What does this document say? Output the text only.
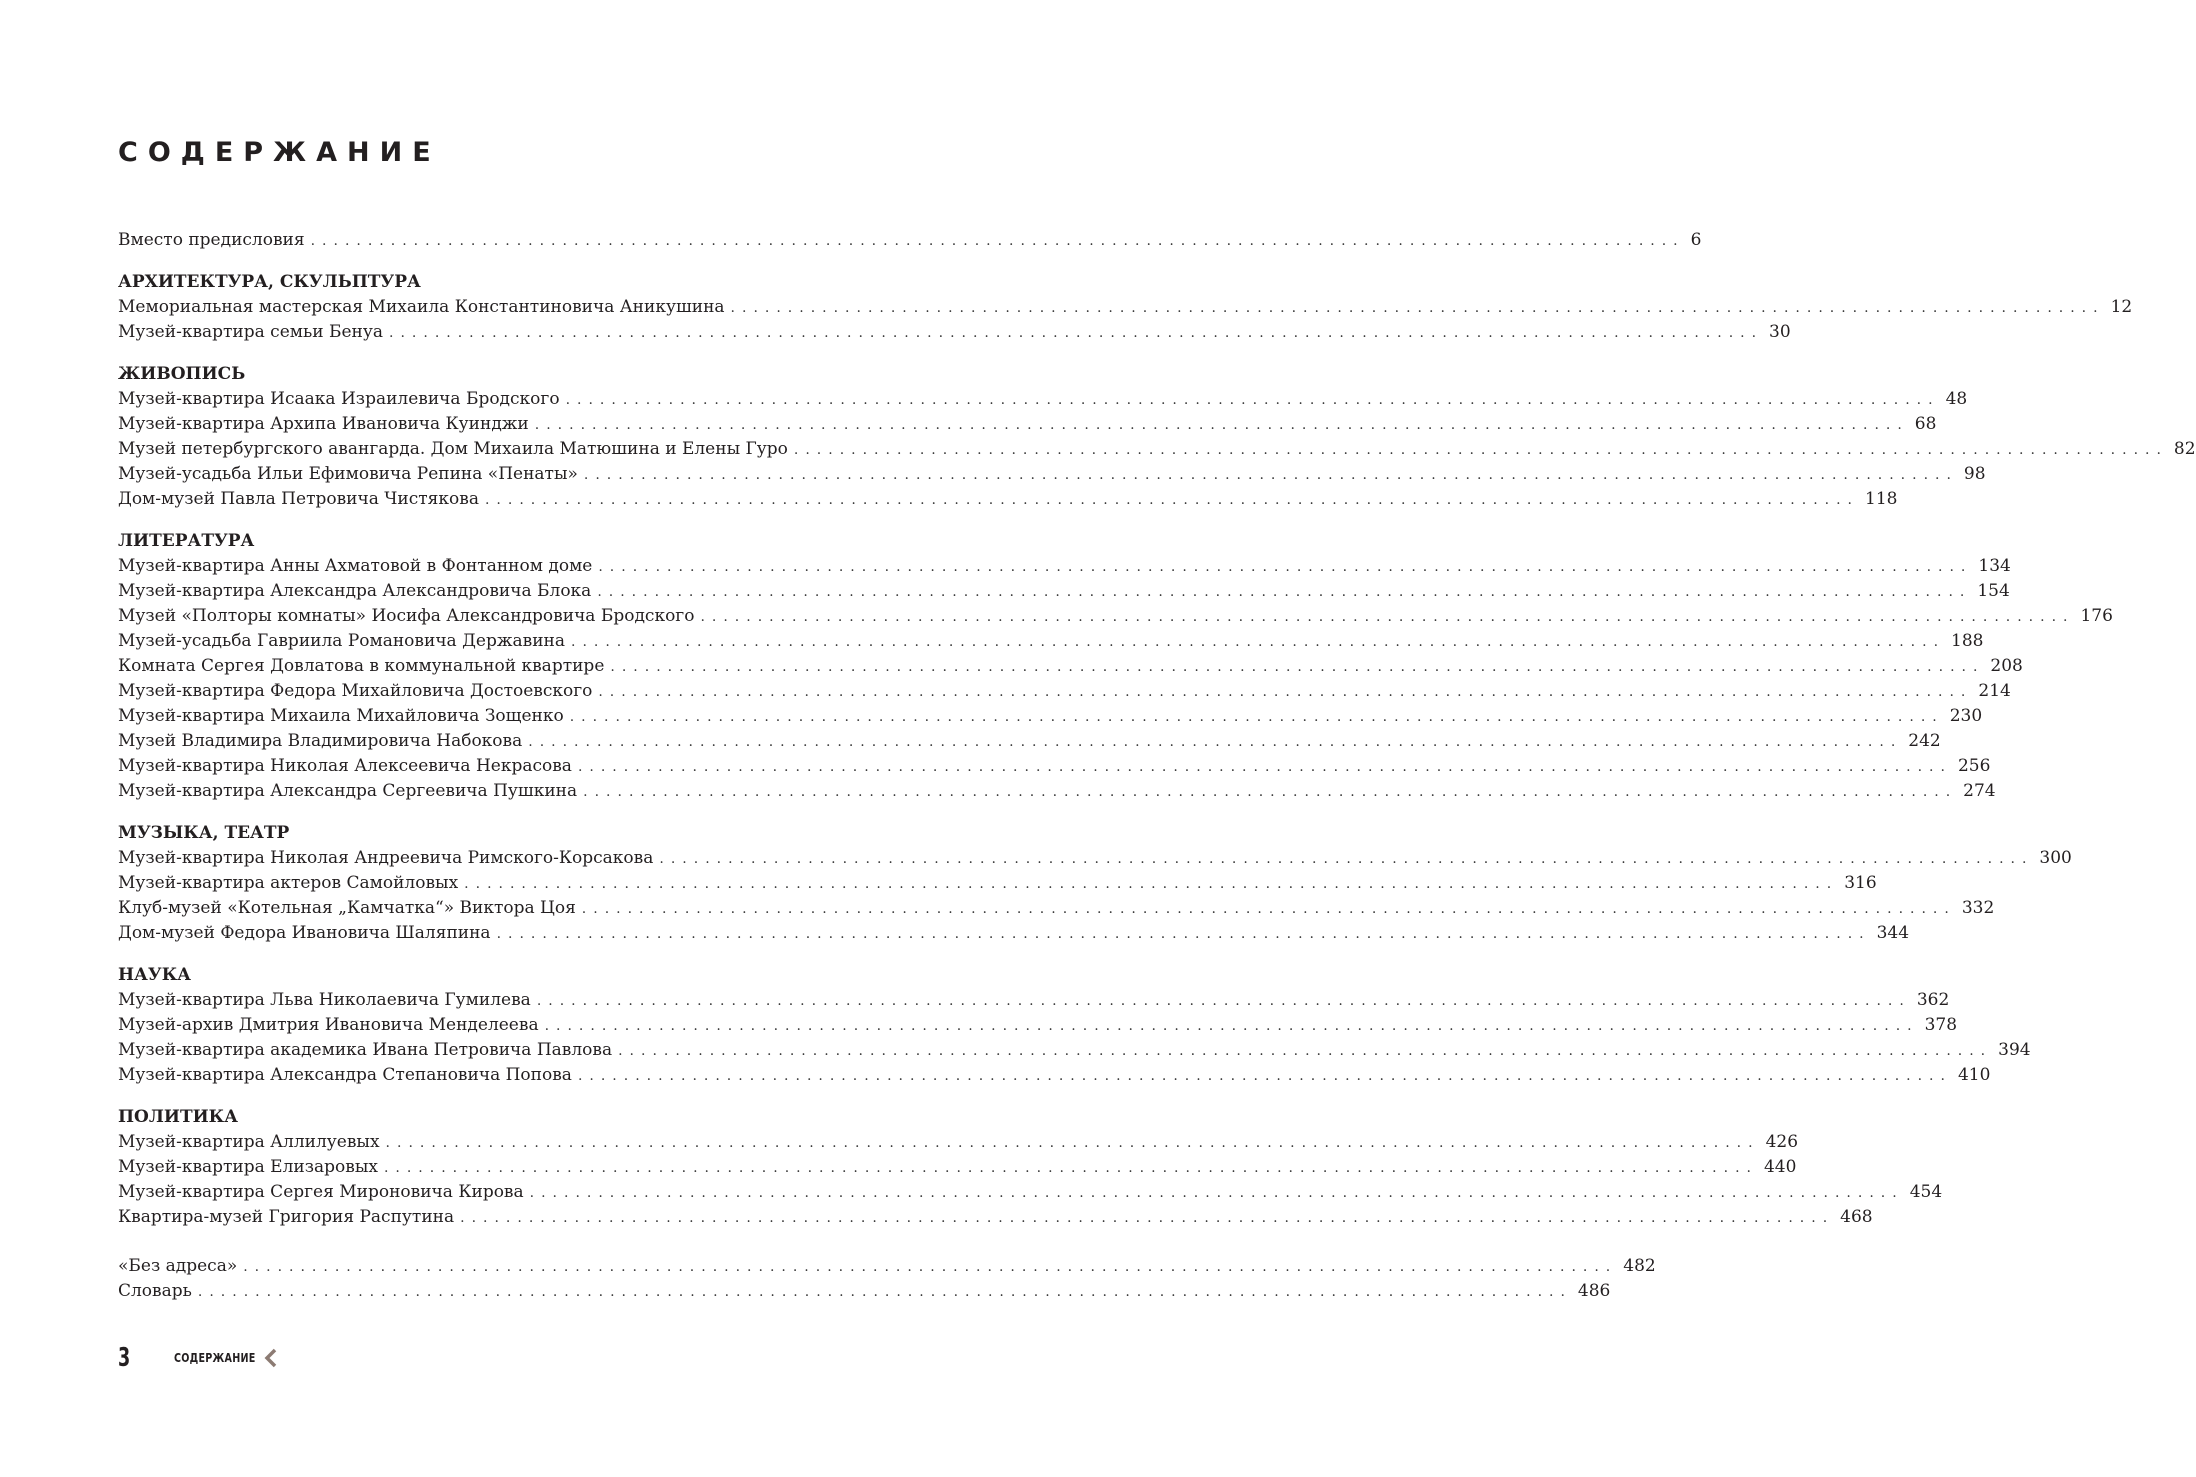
СОДЕРЖАНИЕ
Вместо предисловия ........................................................................................................................ 6
АРХИТЕКТУРА, СКУЛЬПТУРА
Мемориальная мастерская Михаила Константиновича Аникушина ........................................................................................................................ 12
Музей-квартира семьи Бенуа ........................................................................................................................ 30
ЖИВОПИСЬ
Музей-квартира Исаака Израилевича Бродского ........................................................................................................................ 48
Музей-квартира Архипа Ивановича Куинджи ........................................................................................................................ 68
Музей петербургского авангарда. Дом Михаила Матюшина и Елены Гуро ........................................................................................................................ 82
Музей-усадьба Ильи Ефимовича Репина «Пенаты» ........................................................................................................................ 98
Дом-музей Павла Петровича Чистякова ........................................................................................................................ 118
ЛИТЕРАТУРА
Музей-квартира Анны Ахматовой в Фонтанном доме ........................................................................................................................ 134
Музей-квартира Александра Александровича Блока ........................................................................................................................ 154
Музей «Полторы комнаты» Иосифа Александровича Бродского ........................................................................................................................ 176
Музей-усадьба Гавриила Романовича Державина ........................................................................................................................ 188
Комната Сергея Довлатова в коммунальной квартире ........................................................................................................................ 208
Музей-квартира Федора Михайловича Достоевского ........................................................................................................................ 214
Музей-квартира Михаила Михайловича Зощенко ........................................................................................................................ 230
Музей Владимира Владимировича Набокова ........................................................................................................................ 242
Музей-квартира Николая Алексеевича Некрасова ........................................................................................................................ 256
Музей-квартира Александра Сергеевича Пушкина ........................................................................................................................ 274
МУЗЫКА, ТЕАТР
Музей-квартира Николая Андреевича Римского-Корсакова ........................................................................................................................ 300
Музей-квартира актеров Самойловых ........................................................................................................................ 316
Клуб-музей «Котельная „Камчатка“» Виктора Цоя ........................................................................................................................ 332
Дом-музей Федора Ивановича Шаляпина ........................................................................................................................ 344
НАУКА
Музей-квартира Льва Николаевича Гумилева ........................................................................................................................ 362
Музей-архив Дмитрия Ивановича Менделеева ........................................................................................................................ 378
Музей-квартира академика Ивана Петровича Павлова ........................................................................................................................ 394
Музей-квартира Александра Степановича Попова ........................................................................................................................ 410
ПОЛИТИКА
Музей-квартира Аллилуевых ........................................................................................................................ 426
Музей-квартира Елизаровых ........................................................................................................................ 440
Музей-квартира Сергея Мироновича Кирова ........................................................................................................................ 454
Квартира-музей Григория Распутина ........................................................................................................................ 468
«Без адреса» ........................................................................................................................ 482
Словарь ........................................................................................................................ 486
3	СОДЕРЖАНИЕ
